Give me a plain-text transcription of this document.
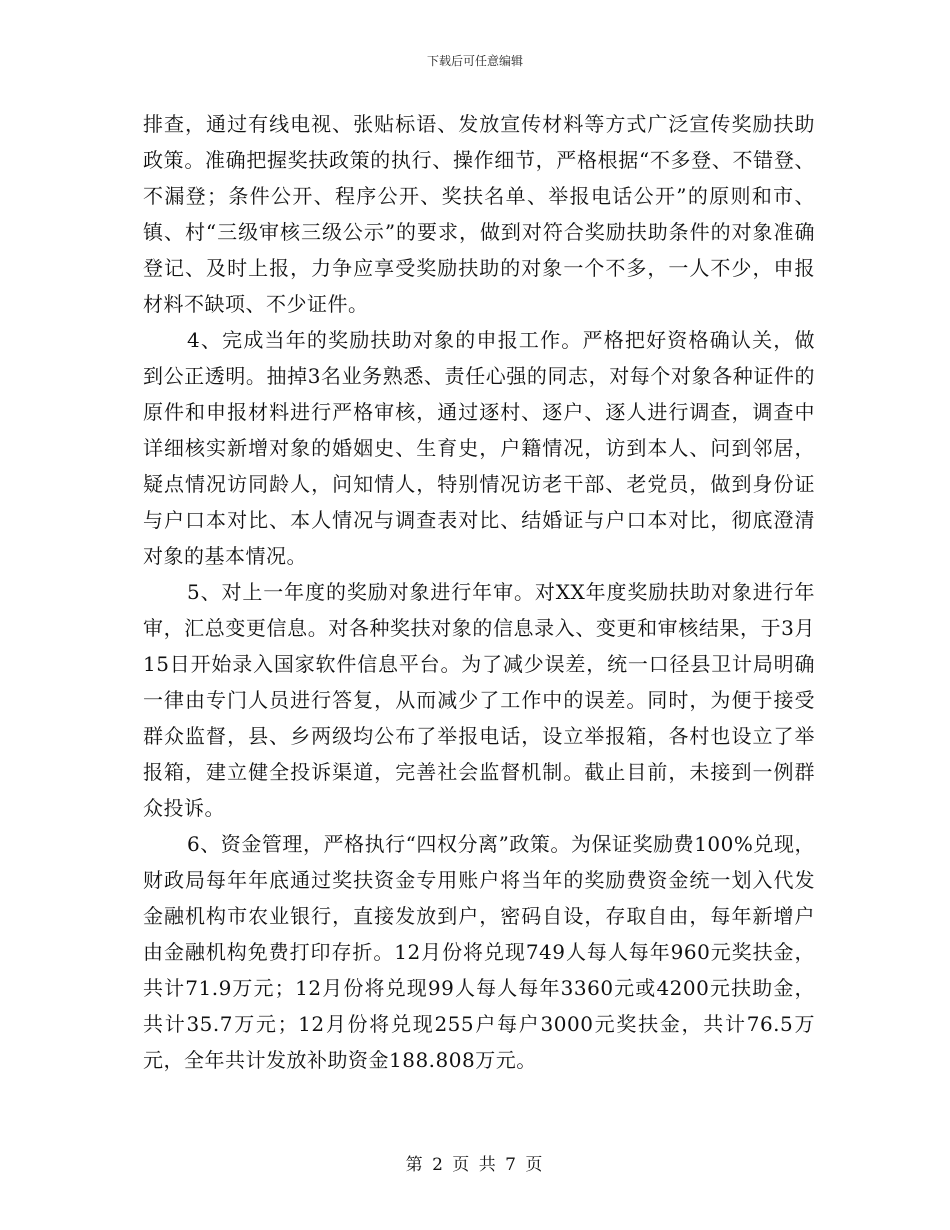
下载后可任意编辑

排查，通过有线电视、张贴标语、发放宣传材料等方式广泛宣传奖励扶助政策。准确把握奖扶政策的执行、操作细节，严格根据“不多登、不错登、不漏登；条件公开、程序公开、奖扶名单、举报电话公开”的原则和市、镇、村“三级审核三级公示”的要求，做到对符合奖励扶助条件的对象准确登记、及时上报，力争应享受奖励扶助的对象一个不多，一人不少，申报材料不缺项、不少证件。

4、完成当年的奖励扶助对象的申报工作。严格把好资格确认关，做到公正透明。抽掉3名业务熟悉、责任心强的同志，对每个对象各种证件的原件和申报材料进行严格审核，通过逐村、逐户、逐人进行调查，调查中详细核实新增对象的婚姻史、生育史，户籍情况，访到本人、问到邻居，疑点情况访同龄人，问知情人，特别情况访老干部、老党员，做到身份证与户口本对比、本人情况与调查表对比、结婚证与户口本对比，彻底澄清对象的基本情况。

5、对上一年度的奖励对象进行年审。对XX年度奖励扶助对象进行年审，汇总变更信息。对各种奖扶对象的信息录入、变更和审核结果，于3月15日开始录入国家软件信息平台。为了减少误差，统一口径县卫计局明确一律由专门人员进行答复，从而减少了工作中的误差。同时，为便于接受群众监督，县、乡两级均公布了举报电话，设立举报箱，各村也设立了举报箱，建立健全投诉渠道，完善社会监督机制。截止目前，未接到一例群众投诉。

6、资金管理，严格执行“四权分离”政策。为保证奖励费100%兑现，财政局每年年底通过奖扶资金专用账户将当年的奖励费资金统一划入代发金融机构市农业银行，直接发放到户，密码自设，存取自由，每年新增户由金融机构免费打印存折。12月份将兑现749人每人每年960元奖扶金，共计71.9万元；12月份将兑现99人每人每年3360元或4200元扶助金，共计35.7万元；12月份将兑现255户每户3000元奖扶金，共计76.5万元，全年共计发放补助资金188.808万元。

第 2 页 共 7 页
